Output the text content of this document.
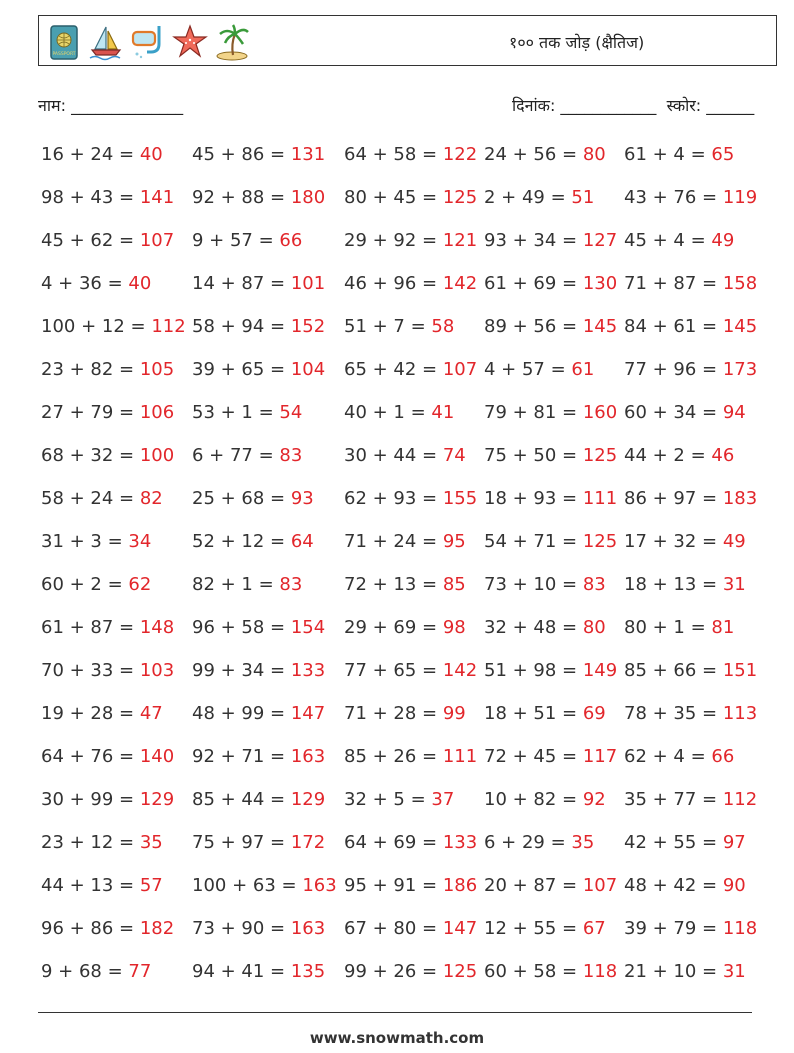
PASSPORT
१०० तक जोड़ (क्षैतिज)
नाम: ______________	दिनांक: ____________  स्कोर: ______
16 + 24 = 40	45 + 86 = 131	64 + 58 = 122 24 + 56 = 80	61 + 4 = 65
98 + 43 = 141 92 + 88 = 180	80 + 45 = 125 2 + 49 = 51	43 + 76 = 119
45 + 62 = 107 9 + 57 = 66	29 + 92 = 121 93 + 34 = 127 45 + 4 = 49
4 + 36 = 40	14 + 87 = 101	46 + 96 = 142 61 + 69 = 130 71 + 87 = 158
100 + 12 = 112 58 + 94 = 152	51 + 7 = 58	89 + 56 = 145 84 + 61 = 145
23 + 82 = 105 39 + 65 = 104	65 + 42 = 107 4 + 57 = 61	77 + 96 = 173
27 + 79 = 106 53 + 1 = 54	40 + 1 = 41	79 + 81 = 160 60 + 34 = 94
68 + 32 = 100 6 + 77 = 83	30 + 44 = 74	75 + 50 = 125 44 + 2 = 46
58 + 24 = 82	25 + 68 = 93	62 + 93 = 155 18 + 93 = 111 86 + 97 = 183
31 + 3 = 34	52 + 12 = 64	71 + 24 = 95	54 + 71 = 125 17 + 32 = 49
60 + 2 = 62	82 + 1 = 83	72 + 13 = 85	73 + 10 = 83	18 + 13 = 31
61 + 87 = 148 96 + 58 = 154	29 + 69 = 98	32 + 48 = 80	80 + 1 = 81
70 + 33 = 103 99 + 34 = 133	77 + 65 = 142 51 + 98 = 149 85 + 66 = 151
19 + 28 = 47	48 + 99 = 147	71 + 28 = 99	18 + 51 = 69	78 + 35 = 113
64 + 76 = 140 92 + 71 = 163	85 + 26 = 111 72 + 45 = 117 62 + 4 = 66
30 + 99 = 129 85 + 44 = 129	32 + 5 = 37	10 + 82 = 92	35 + 77 = 112
23 + 12 = 35	75 + 97 = 172	64 + 69 = 133 6 + 29 = 35	42 + 55 = 97
44 + 13 = 57	100 + 63 = 163 95 + 91 = 186 20 + 87 = 107 48 + 42 = 90
96 + 86 = 182 73 + 90 = 163	67 + 80 = 147 12 + 55 = 67	39 + 79 = 118
9 + 68 = 77	94 + 41 = 135	99 + 26 = 125 60 + 58 = 118 21 + 10 = 31
www.snowmath.com
